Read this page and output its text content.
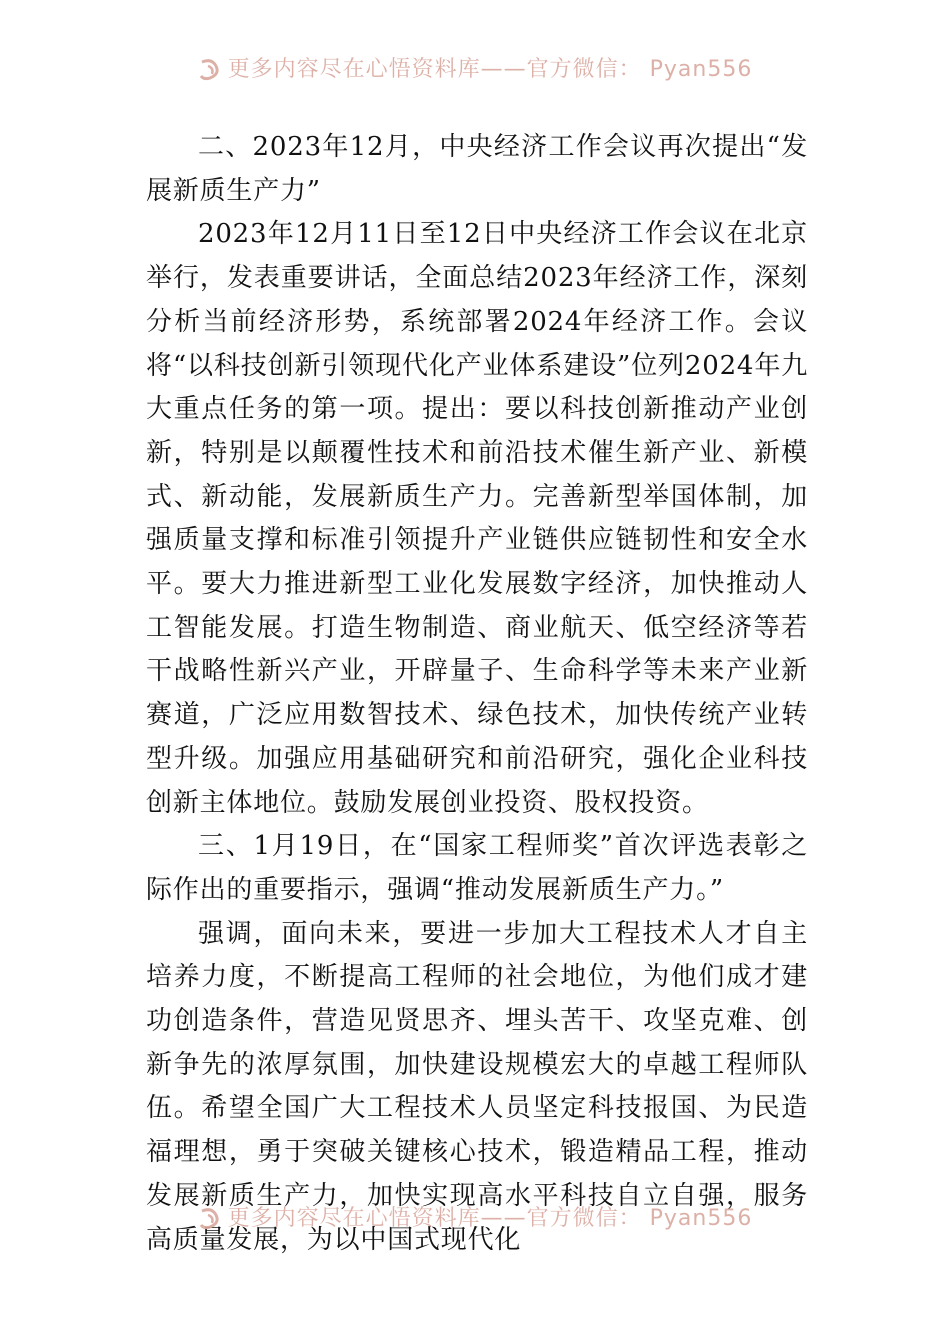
更多内容尽在心悟资料库——官方微信： Pyan556

二、2023年12月，中央经济工作会议再次提出“发展新质生产力”

2023年12月11日至12日中央经济工作会议在北京举行，发表重要讲话，全面总结2023年经济工作，深刻分析当前经济形势，系统部署2024年经济工作。会议将“以科技创新引领现代化产业体系建设”位列2024年九大重点任务的第一项。提出：要以科技创新推动产业创新，特别是以颠覆性技术和前沿技术催生新产业、新模式、新动能，发展新质生产力。完善新型举国体制，加强质量支撑和标准引领提升产业链供应链韧性和安全水平。要大力推进新型工业化发展数字经济，加快推动人工智能发展。打造生物制造、商业航天、低空经济等若干战略性新兴产业，开辟量子、生命科学等未来产业新赛道，广泛应用数智技术、绿色技术，加快传统产业转型升级。加强应用基础研究和前沿研究，强化企业科技创新主体地位。鼓励发展创业投资、股权投资。

三、1月19日，在“国家工程师奖”首次评选表彰之际作出的重要指示，强调“推动发展新质生产力。”

强调，面向未来，要进一步加大工程技术人才自主培养力度，不断提高工程师的社会地位，为他们成才建功创造条件，营造见贤思齐、埋头苦干、攻坚克难、创新争先的浓厚氛围，加快建设规模宏大的卓越工程师队伍。希望全国广大工程技术人员坚定科技报国、为民造福理想，勇于突破关键核心技术，锻造精品工程，推动发展新质生产力，加快实现高水平科技自立自强，服务高质量发展，为以中国式现代化

更多内容尽在心悟资料库——官方微信： Pyan556
